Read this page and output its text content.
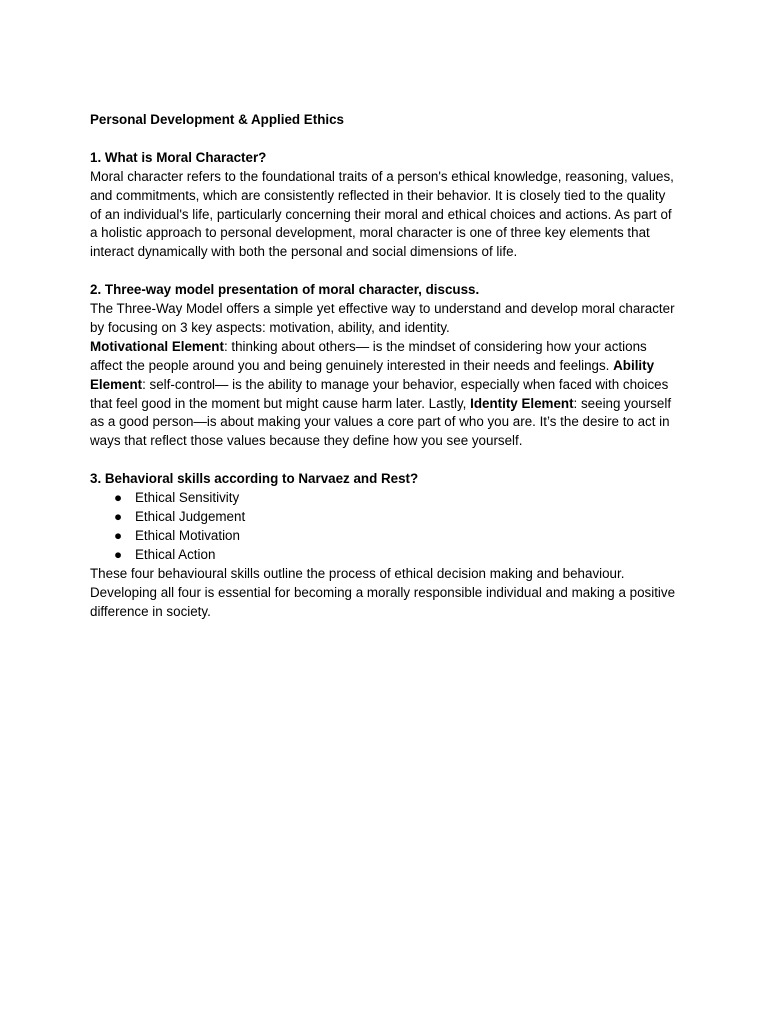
Personal Development & Applied Ethics

1. What is Moral Character?

Moral character refers to the foundational traits of a person's ethical knowledge, reasoning, values, and commitments, which are consistently reflected in their behavior. It is closely tied to the quality of an individual's life, particularly concerning their moral and ethical choices and actions. As part of a holistic approach to personal development, moral character is one of three key elements that interact dynamically with both the personal and social dimensions of life.

2. Three-way model presentation of moral character, discuss.

The Three-Way Model offers a simple yet effective way to understand and develop moral character by focusing on 3 key aspects: motivation, ability, and identity.

Motivational Element: thinking about others— is the mindset of considering how your actions affect the people around you and being genuinely interested in their needs and feelings. Ability Element: self-control— is the ability to manage your behavior, especially when faced with choices that feel good in the moment but might cause harm later. Lastly, Identity Element: seeing yourself as a good person—is about making your values a core part of who you are. It’s the desire to act in ways that reflect those values because they define how you see yourself.

3. Behavioral skills according to Narvaez and Rest?

● Ethical Sensitivity
● Ethical Judgement
● Ethical Motivation
● Ethical Action

These four behavioural skills outline the process of ethical decision making and behaviour. Developing all four is essential for becoming a morally responsible individual and making a positive difference in society.
